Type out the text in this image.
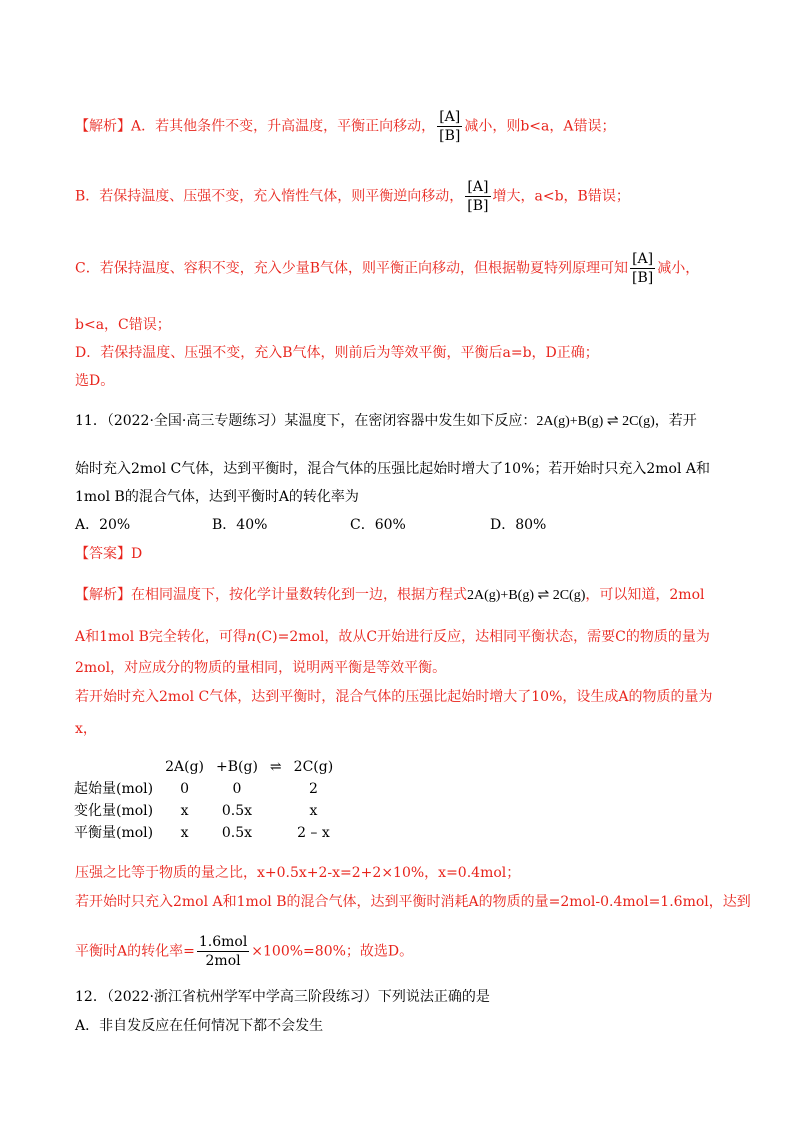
【解析】A．若其他条件不变，升高温度，平衡正向移动， $\frac{[A]}{[B]}$ 减小，则b<a，A错误；
B．若保持温度、压强不变，充入惰性气体，则平衡逆向移动， $\frac{[A]}{[B]}$ 增大，a<b，B错误；
C．若保持温度、容积不变，充入少量B气体，则平衡正向移动，但根据勒夏特列原理可知 $\frac{[A]}{[B]}$ 减小，
b<a，C错误；
D．若保持温度、压强不变，充入B气体，则前后为等效平衡，平衡后a=b，D正确；
选D。
11．（2022·全国·高三专题练习）某温度下，在密闭容器中发生如下反应：2A(g)+B(g) ⇌ 2C(g)，若开
始时充入2mol C气体，达到平衡时，混合气体的压强比起始时增大了10%；若开始时只充入2mol A和
1mol B的混合气体，达到平衡时A的转化率为
A．20%	B．40%	C．60%	D．80%
【答案】D
【解析】在相同温度下，按化学计量数转化到一边，根据方程式2A(g)+B(g) ⇌ 2C(g)，可以知道，2mol
A和1mol B完全转化，可得n(C)=2mol，故从C开始进行反应，达相同平衡状态，需要C的物质的量为
2mol，对应成分的物质的量相同，说明两平衡是等效平衡。
若开始时充入2mol C气体，达到平衡时，混合气体的压强比起始时增大了10%，设生成A的物质的量为
x，
	2A(g)	+B(g)	⇌	2C(g)
起始量(mol)	0	0		2
变化量(mol)	x	0.5x		x
平衡量(mol)	x	0.5x		2 – x
压强之比等于物质的量之比，x+0.5x+2-x=2+2×10%，x=0.4mol；
若开始时只充入2mol A和1mol B的混合气体，达到平衡时消耗A的物质的量=2mol-0.4mol=1.6mol，达到
平衡时A的转化率= $\frac{\text{1.6mol}}{\text{2mol}} \times 100\%=80\%$；故选D。
12．（2022·浙江省杭州学军中学高三阶段练习）下列说法正确的是
A．非自发反应在任何情况下都不会发生
